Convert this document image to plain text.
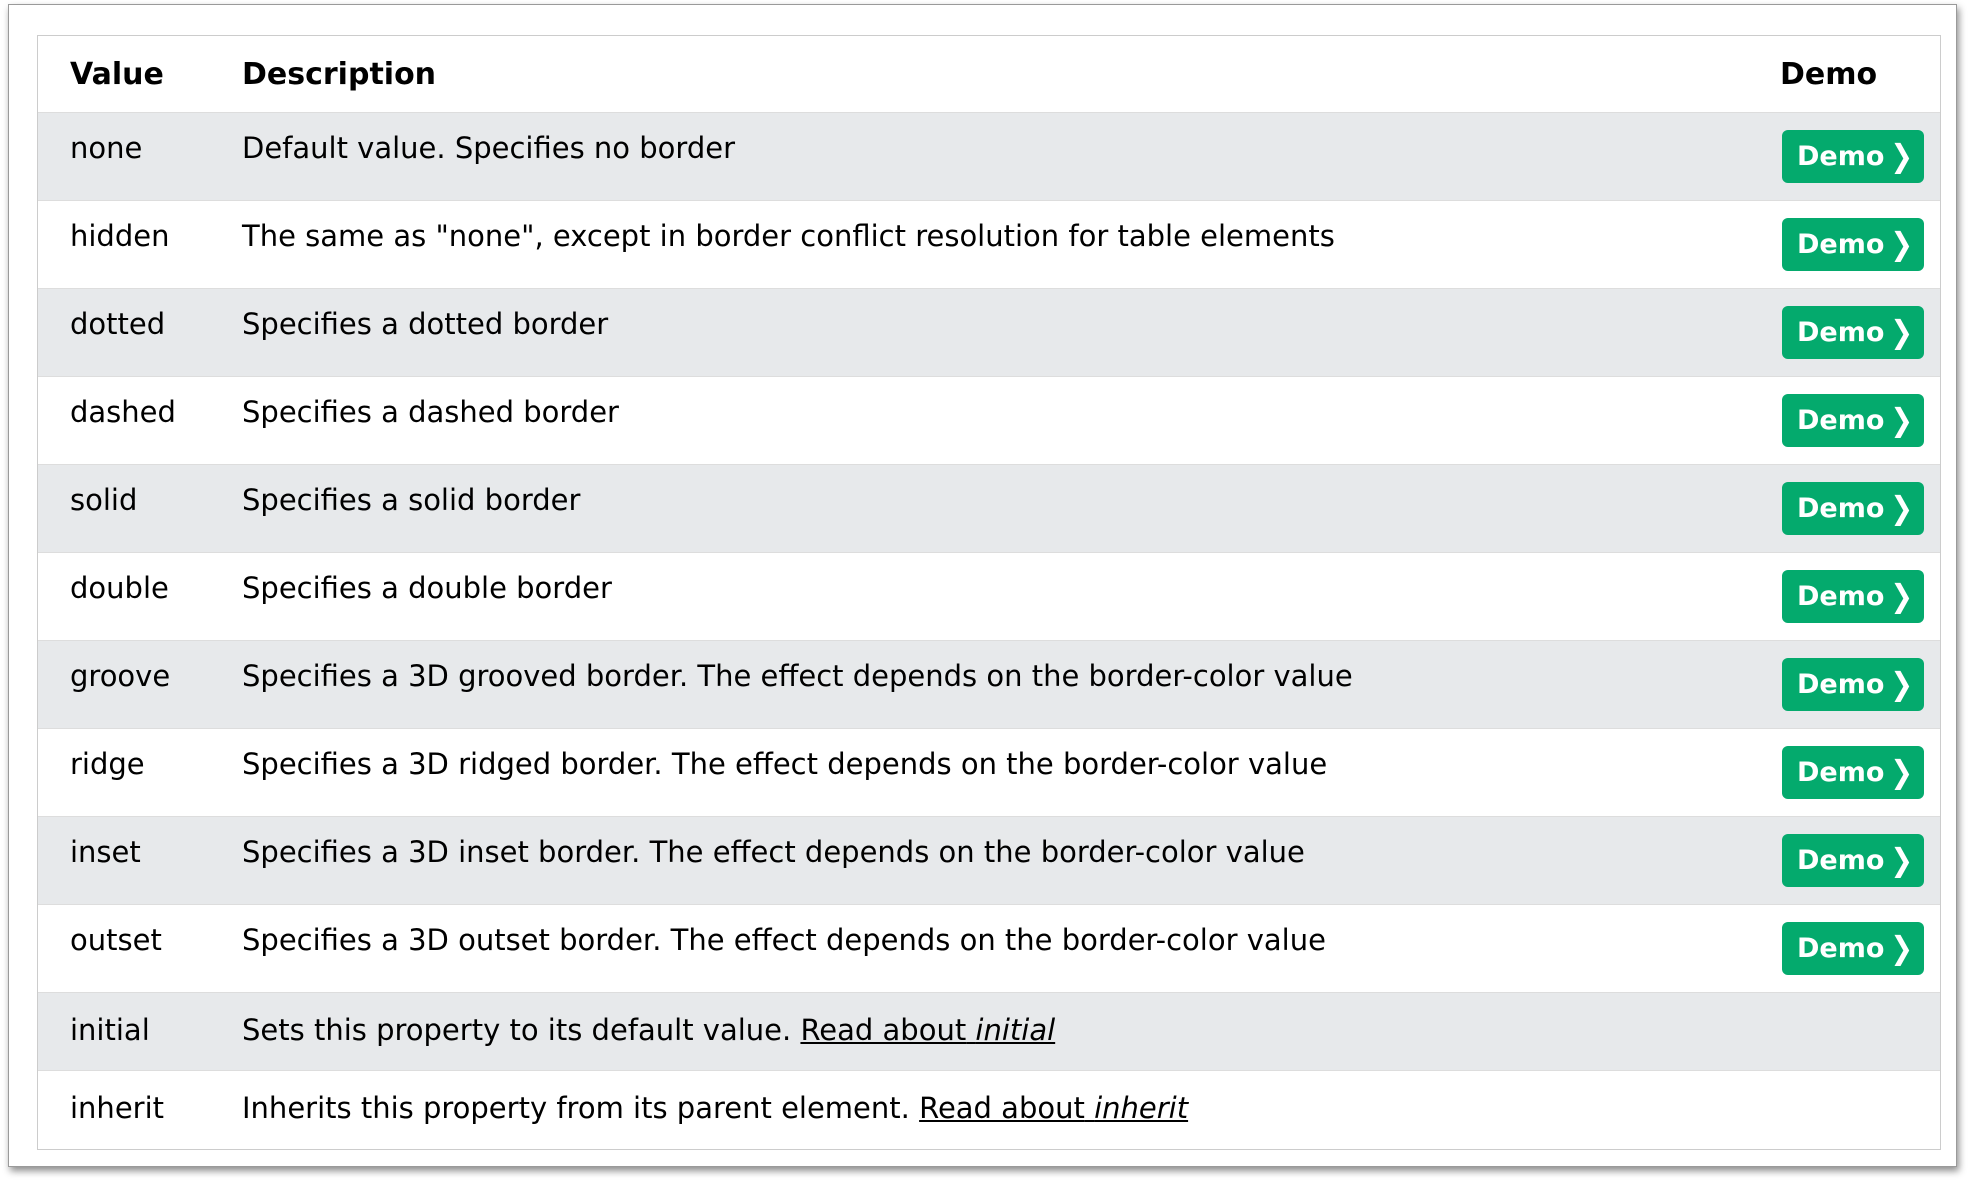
Value	Description	Demo
none	Default value. Specifies no border	Demo ❯
hidden	The same as "none", except in border conflict resolution for table elements	Demo ❯
dotted	Specifies a dotted border	Demo ❯
dashed	Specifies a dashed border	Demo ❯
solid	Specifies a solid border	Demo ❯
double	Specifies a double border	Demo ❯
groove	Specifies a 3D grooved border. The effect depends on the border-color value	Demo ❯
ridge	Specifies a 3D ridged border. The effect depends on the border-color value	Demo ❯
inset	Specifies a 3D inset border. The effect depends on the border-color value	Demo ❯
outset	Specifies a 3D outset border. The effect depends on the border-color value	Demo ❯
initial	Sets this property to its default value. Read about initial	
inherit	Inherits this property from its parent element. Read about inherit	
